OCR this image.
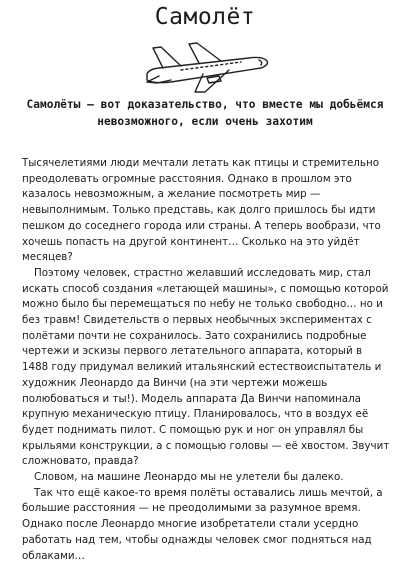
Самолёт
Самолёты — вот доказательство, что вместе мы добьёмся невозможного, если очень захотим

Тысячелетиями люди мечтали летать как птицы и стремительно преодолевать огромные расстояния. Однако в прошлом это казалось невозможным, а желание посмотреть мир — невыполнимым. Только представь, как долго пришлось бы идти пешком до соседнего города или страны. А теперь вообрази, что хочешь попасть на другой континент… Сколько на это уйдёт месяцев?

Поэтому человек, страстно желавший исследовать мир, стал искать способ создания «летающей машины», с помощью которой можно было бы перемещаться по небу не только свободно… но и без травм! Свидетельств о первых необычных экспериментах с полётами почти не сохранилось. Зато сохранились подробные чертежи и эскизы первого летательного аппарата, который в 1488 году придумал великий итальянский естествоиспытатель и художник Леонардо да Винчи (на эти чертежи можешь полюбоваться и ты!). Модель аппарата Да Винчи напоминала крупную механическую птицу. Планировалось, что в воздух её будет поднимать пилот. С помощью рук и ног он управлял бы крыльями конструкции, а с помощью головы — её хвостом. Звучит сложновато, правда?

Словом, на машине Леонардо мы не улетели бы далеко.

Так что ещё какое-то время полёты оставались лишь мечтой, а большие расстояния — не преодолимыми за разумное время. Однако после Леонардо многие изобретатели стали усердно работать над тем, чтобы однажды человек смог подняться над облаками…
